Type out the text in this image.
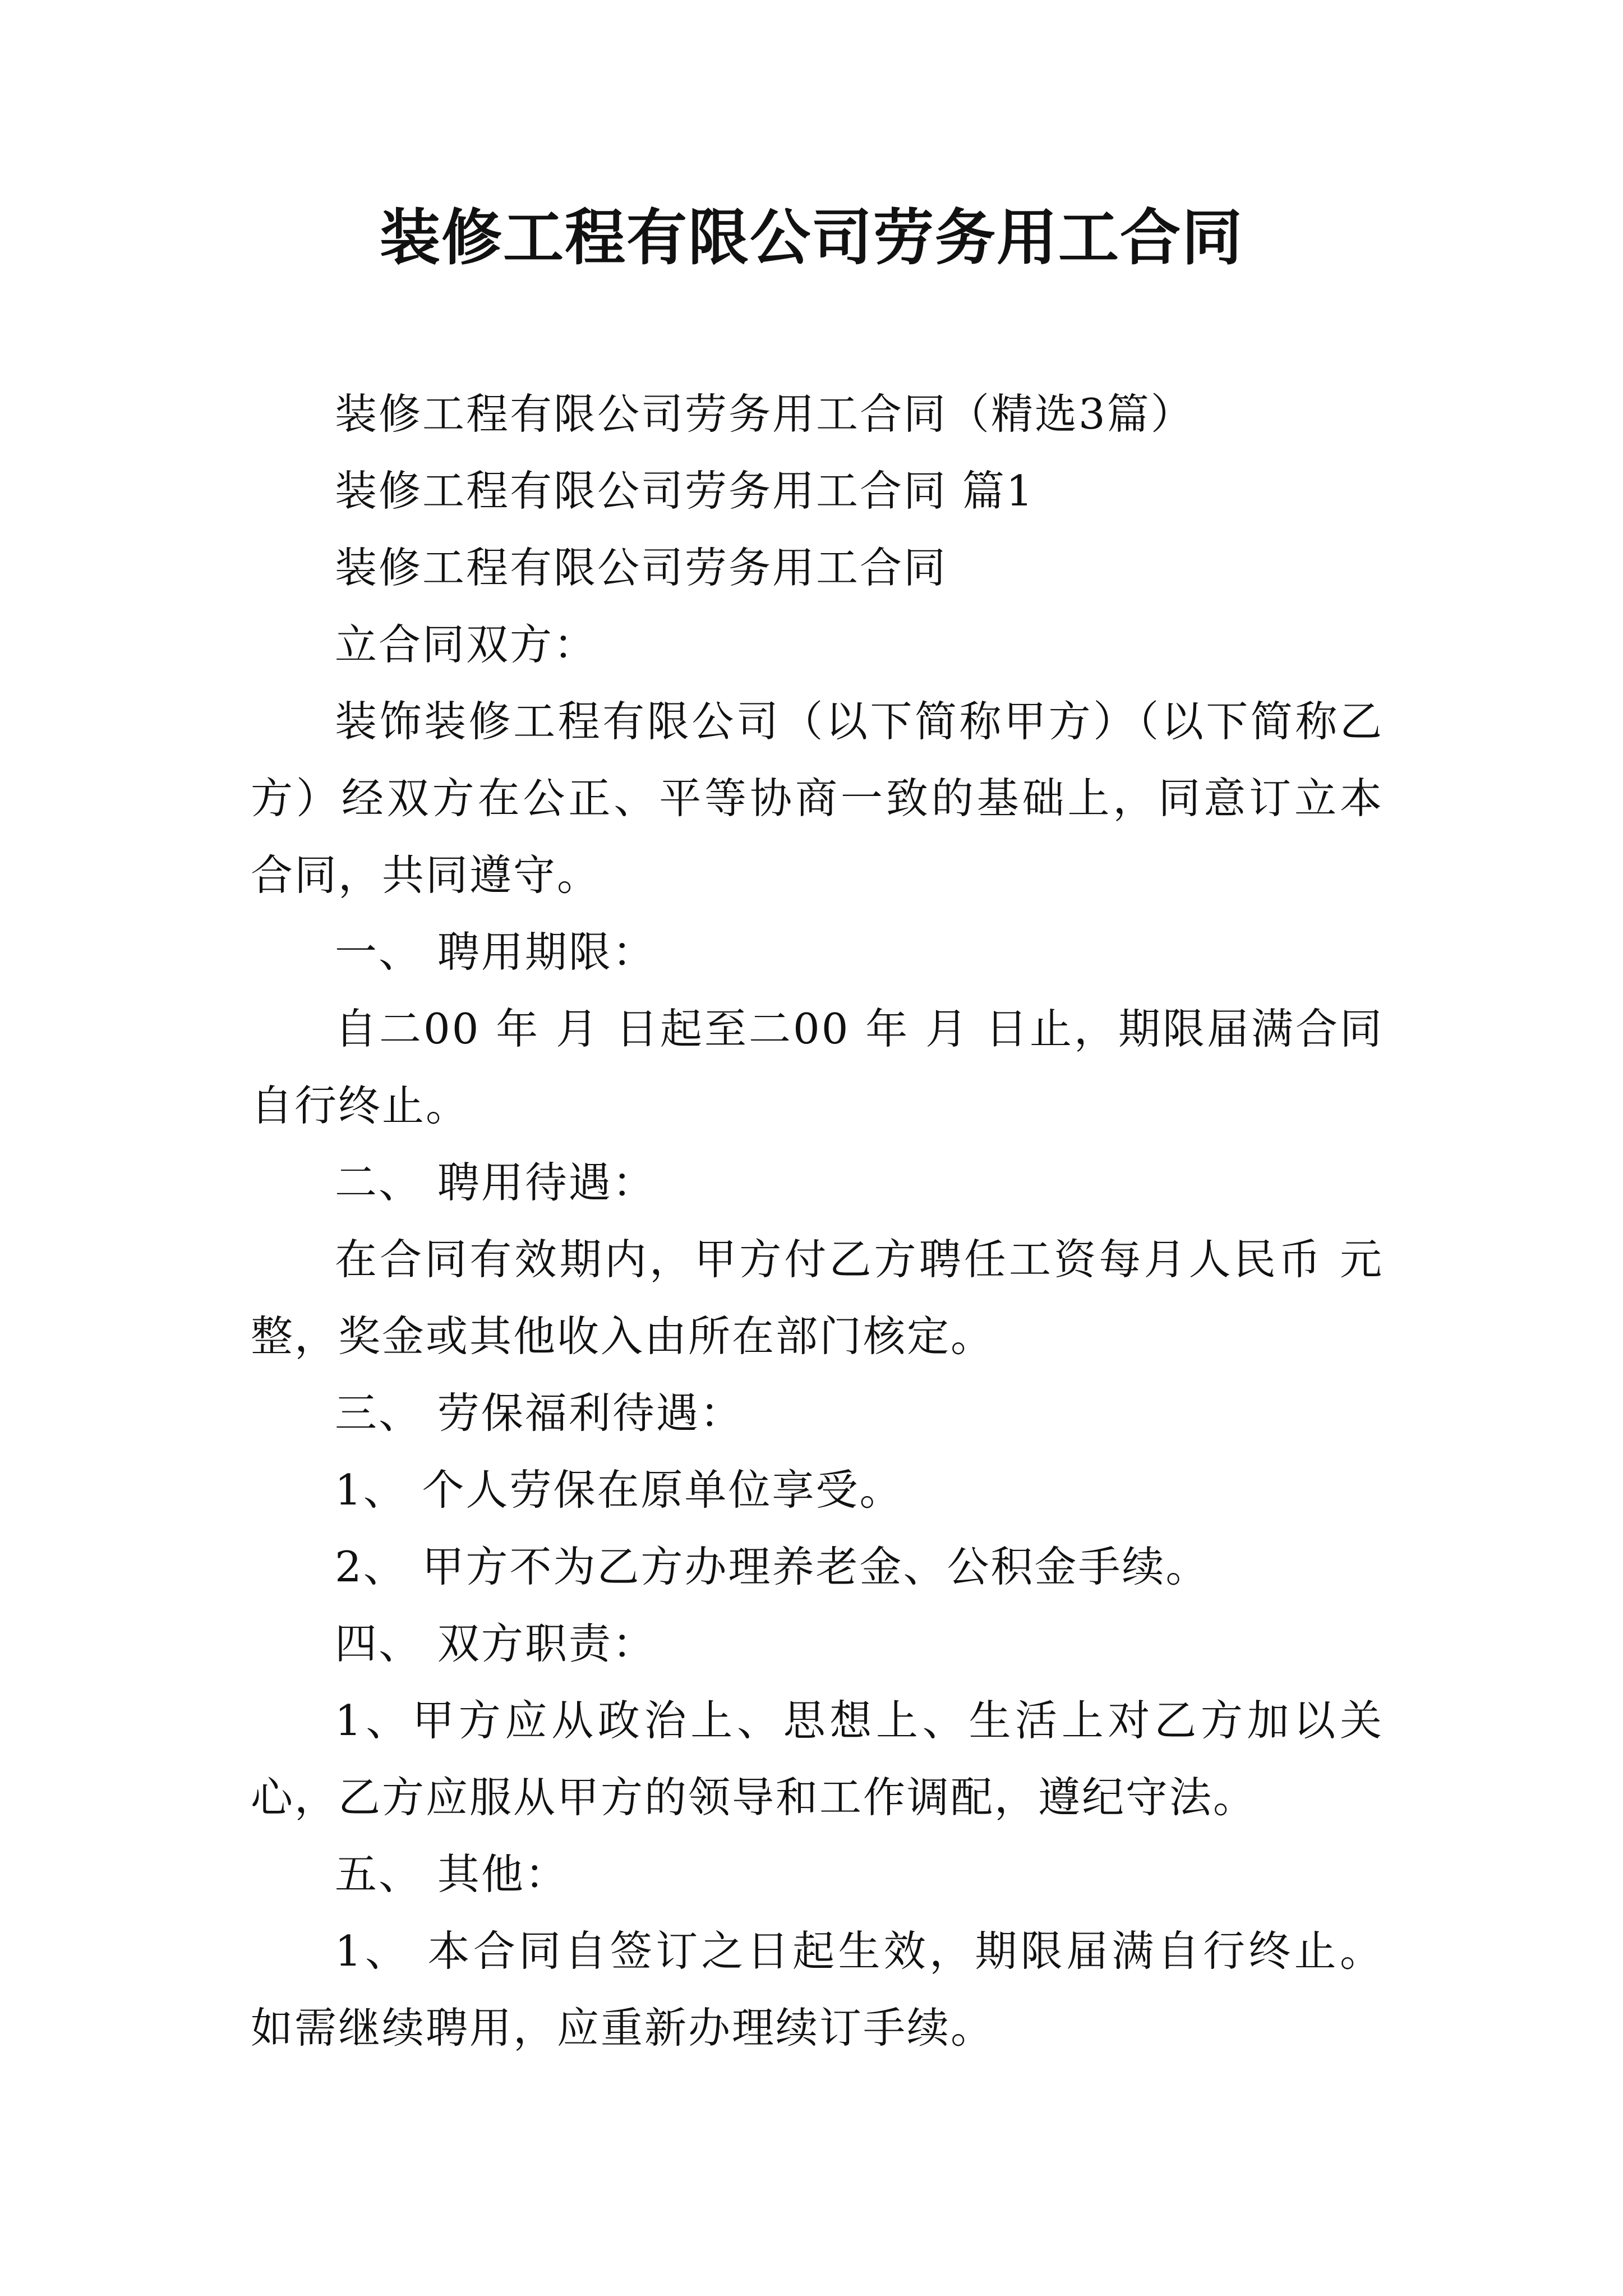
装修工程有限公司劳务用工合同

装修工程有限公司劳务用工合同（精选3篇）

装修工程有限公司劳务用工合同 篇1

装修工程有限公司劳务用工合同

立合同双方：

装饰装修工程有限公司（以下简称甲方）（以下简称乙方）经双方在公正、平等协商一致的基础上，同意订立本合同，共同遵守。

一、 聘用期限：

自二00 年 月 日起至二00 年 月 日止，期限届满合同自行终止。

二、 聘用待遇：

在合同有效期内，甲方付乙方聘任工资每月人民币 元整，奖金或其他收入由所在部门核定。

三、 劳保福利待遇：

1、 个人劳保在原单位享受。

2、 甲方不为乙方办理养老金、公积金手续。

四、 双方职责：

1、甲方应从政治上、思想上、生活上对乙方加以关心，乙方应服从甲方的领导和工作调配，遵纪守法。

五、 其他：

1、 本合同自签订之日起生效，期限届满自行终止。如需继续聘用，应重新办理续订手续。
